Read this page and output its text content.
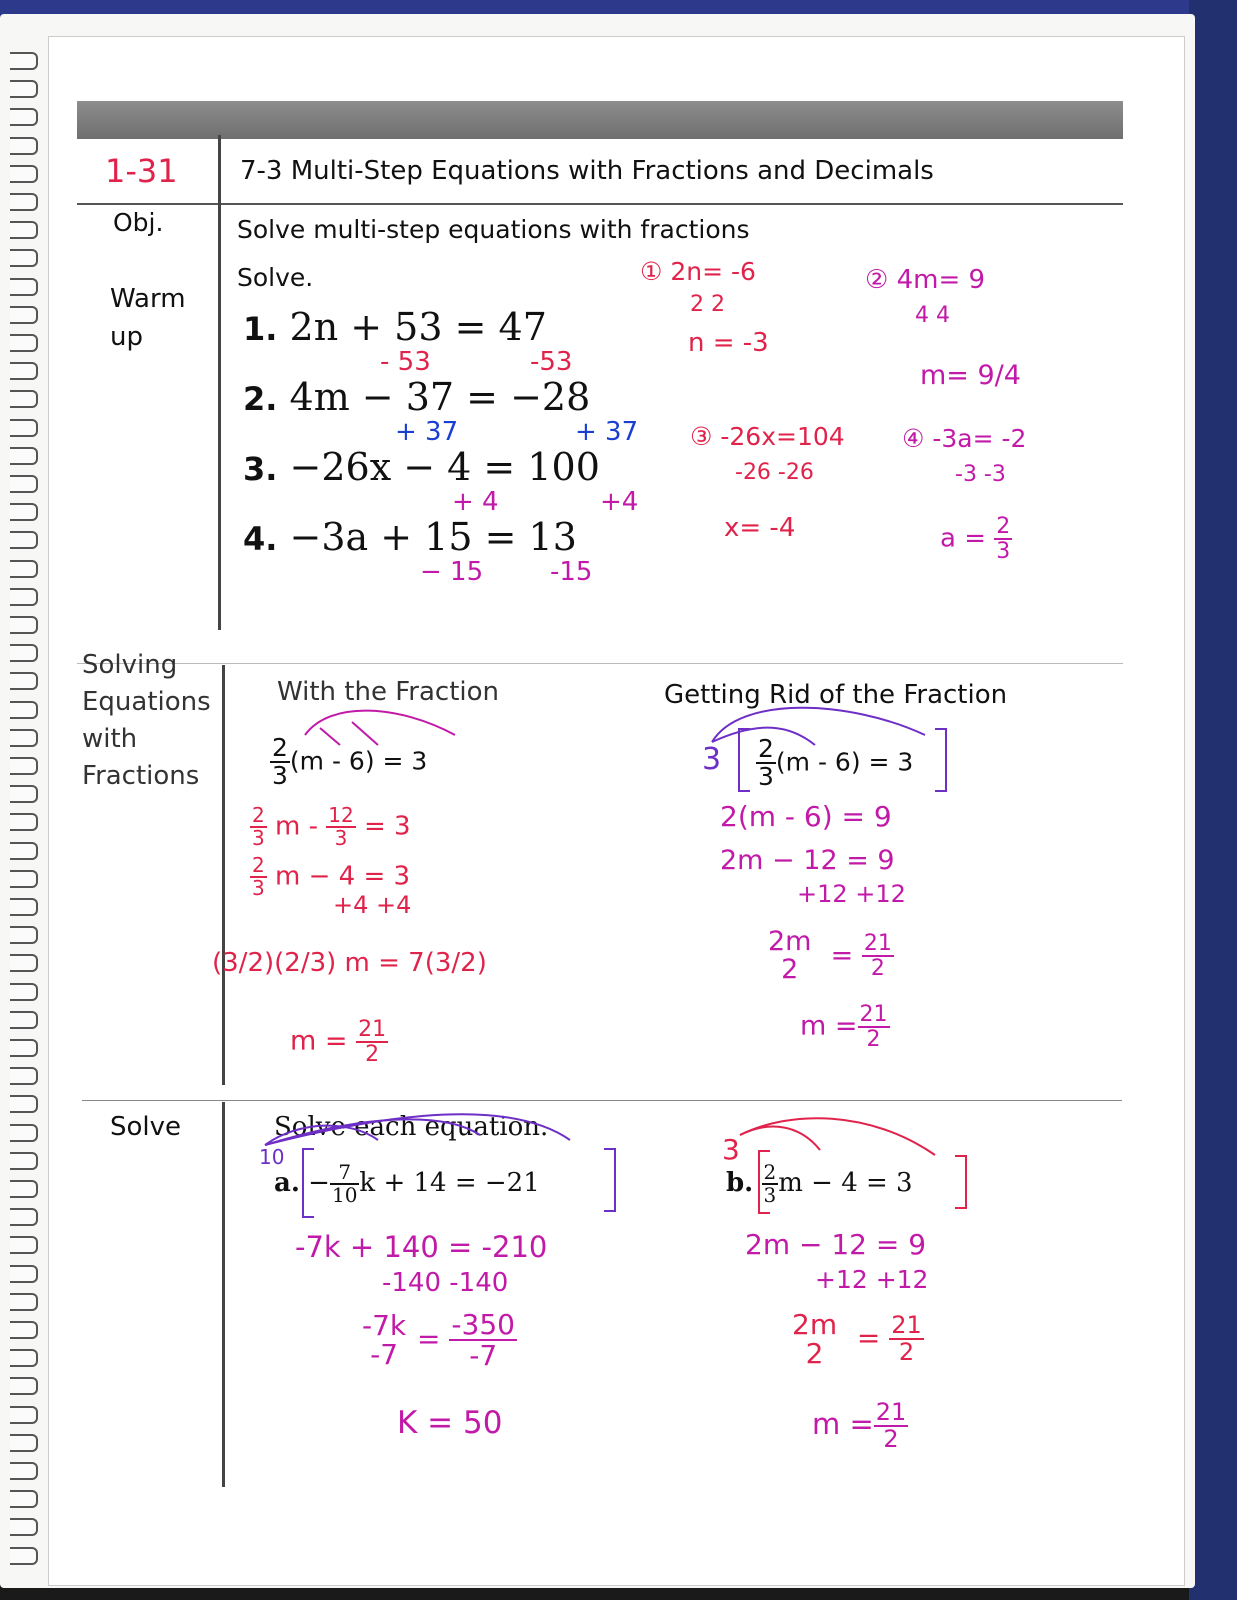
1-31 7-3 Multi-Step Equations with Fractions and Decimals
Obj.	Solve multi-step equations with fractions
Warm
up
Solve.
1. 2n + 53 = 47
- 53	-53
2. 4m − 37 = −28
+ 37	+ 37
3. −26x − 4 = 100
+ 4	+4
4. −3a + 15 = 13
− 15	-15
① 2n= -6
2 2
n = -3
② 4m= 9
4 4
m= 9/4
③ -26x=104
-26 -26
x= -4
④ -3a= -2
-3 -3
$a = \frac{2}{3}$
Solving
Equations
with
Fractions
With the Fraction	Getting Rid of the Fraction
$\frac{2}{3} (m - 6) = 3$
$\frac{2}{3}$ $m - \frac{12}{3} = 3$
$\frac{2}{3}$ m − 4 = 3
+4 +4
(3/2)(2/3) m = 7(3/2)
$m = \frac{21}{2}$
$3 \frac{2}{3} (m - 6) = 3$
2(m - 6) = 9
2m − 12 = 9
+12 +12
2m
$2 = \frac{21}{2}$
$m = \frac{21}{2}$
Solve	Solve each equation.
10
a. − $\frac{7}{10}$ k + 14 = −21
-7k + 140 = -210
-140 -140
-7k
$-7 = \frac{-350}{-7}$
K = 50
3
b. $\frac{2}{3}$ m − 4 = 3
2m − 12 = 9
+12 +12
2m
$2 = \frac{21}{2}$
$m = \frac{21}{2}$
